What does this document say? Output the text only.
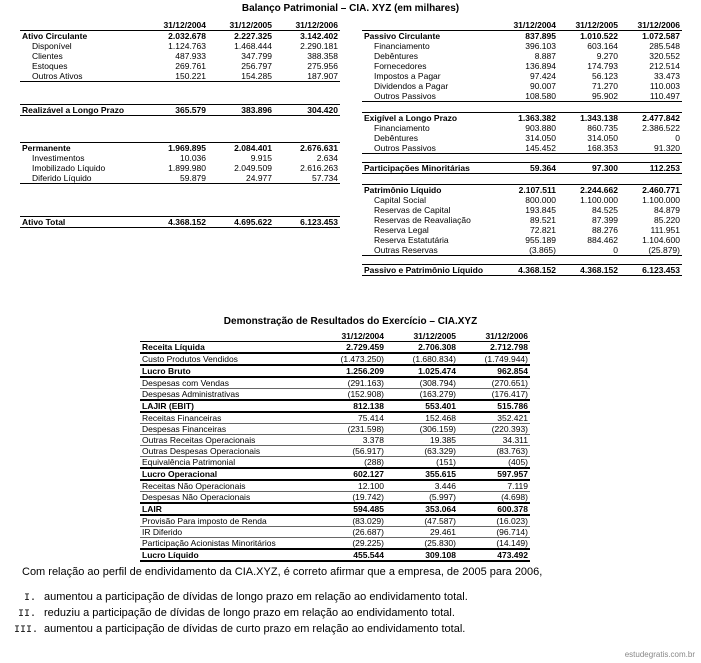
Balanço Patrimonial – CIA. XYZ (em milhares)
	31/12/2004	31/12/2005	31/12/2006
Ativo Circulante	2.032.678	2.227.325	3.142.402
Disponível	1.124.763	1.468.444	2.290.181
Clientes	487.933	347.799	388.358
Estoques	269.761	256.797	275.956
Outros Ativos	150.221	154.285	187.907

Realizável a Longo Prazo	365.579	383.896	304.420

Permanente	1.969.895	2.084.401	2.676.631
Investimentos	10.036	9.915	2.634
Imobilizado Líquido	1.899.980	2.049.509	2.616.263
Diferido Líquido	59.879	24.977	57.734

Ativo Total	4.368.152	4.695.622	6.123.453
	31/12/2004	31/12/2005	31/12/2006
Passivo Circulante	837.895	1.010.522	1.072.587
Financiamento	396.103	603.164	285.548
Debêntures	8.887	9.270	320.552
Fornecedores	136.894	174.793	212.514
Impostos a Pagar	97.424	56.123	33.473
Dividendos a Pagar	90.007	71.270	110.003
Outros Passivos	108.580	95.902	110.497

Exigível a Longo Prazo	1.363.382	1.343.138	2.477.842
Financiamento	903.880	860.735	2.386.522
Debêntures	314.050	314.050	0
Outros Passivos	145.452	168.353	91.320

Participações Minoritárias	59.364	97.300	112.253

Patrimônio Líquido	2.107.511	2.244.662	2.460.771
Capital Social	800.000	1.100.000	1.100.000
Reservas de Capital	193.845	84.525	84.879
Reservas de Reavaliação	89.521	87.399	85.220
Reserva Legal	72.821	88.276	111.951
Reserva Estatutária	955.189	884.462	1.104.600
Outras Reservas	(3.865)	0	(25.879)

Passivo e Patrimônio Líquido	4.368.152	4.368.152	6.123.453
Demonstração de Resultados do Exercício – CIA.XYZ
	31/12/2004	31/12/2005	31/12/2006
Receita Líquida	2.729.459	2.706.308	2.712.798
Custo Produtos Vendidos	(1.473.250)	(1.680.834)	(1.749.944)
Lucro Bruto	1.256.209	1.025.474	962.854
Despesas com Vendas	(291.163)	(308.794)	(270.651)
Despesas Administrativas	(152.908)	(163.279)	(176.417)
LAJIR (EBIT)	812.138	553.401	515.786
Receitas Financeiras	75.414	152.468	352.421
Despesas Financeiras	(231.598)	(306.159)	(220.393)
Outras Receitas Operacionais	3.378	19.385	34.311
Outras Despesas Operacionais	(56.917)	(63.329)	(83.763)
Equivalência Patrimonial	(288)	(151)	(405)
Lucro Operacional	602.127	355.615	597.957
Receitas Não Operacionais	12.100	3.446	7.119
Despesas Não Operacionais	(19.742)	(5.997)	(4.698)
LAIR	594.485	353.064	600.378
Provisão Para imposto de Renda	(83.029)	(47.587)	(16.023)
IR Diferido	(26.687)	29.461	(96.714)
Participação Acionistas Minoritários	(29.225)	(25.830)	(14.149)
Lucro Líquido	455.544	309.108	473.492
Com relação ao perfil de endividamento da CIA.XYZ, é correto afirmar que a empresa, de 2005 para 2006,
I. aumentou a participação de dívidas de longo prazo em relação ao endividamento total.
II. reduziu a participação de dívidas de longo prazo em relação ao endividamento total.
III. aumentou a participação de dívidas de curto prazo em relação ao endividamento total.
estudegratis.com.br
